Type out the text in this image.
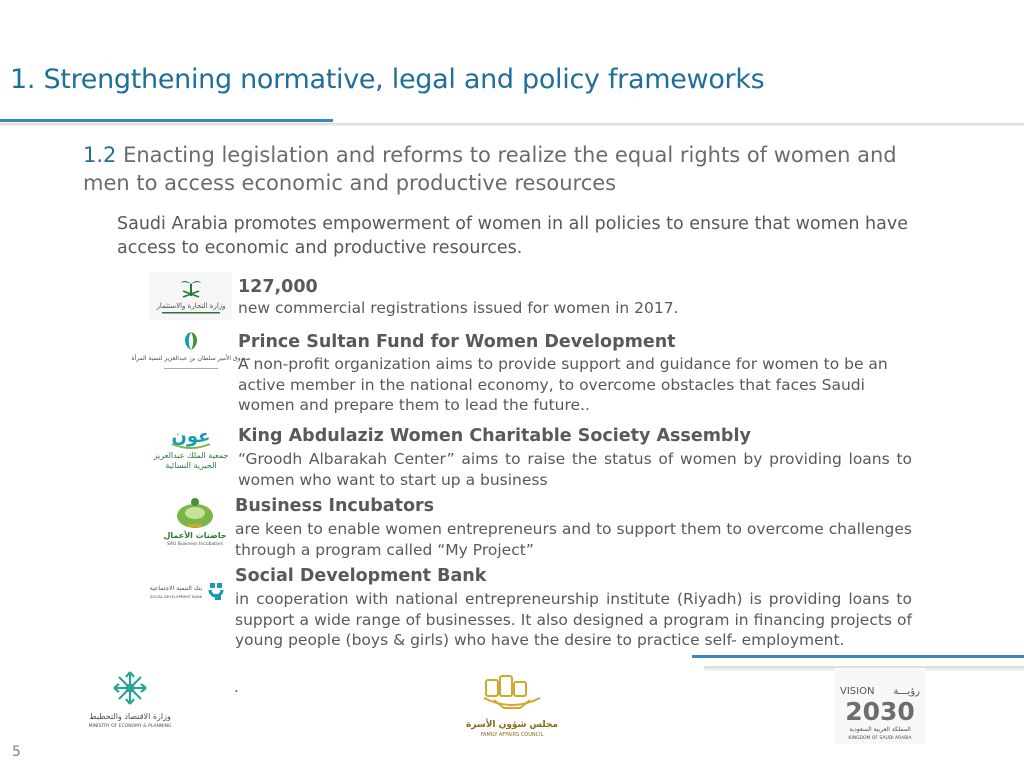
1. Strengthening normative, legal and policy frameworks
1.2 Enacting legislation and reforms to realize the equal rights of women and men to access economic and productive resources
Saudi Arabia promotes empowerment of women in all policies to ensure that women have access to economic and productive resources.
وزارة التجارة والاستثمار
127,000
new commercial registrations issued for women in 2017.
صندوق الأمير سلطان بن عبدالعزيز لتنمية المرأة
Prince Sultan Fund for Women Development
A non-profit organization aims to provide support and guidance for women to be an active member in the national economy, to overcome obstacles that faces Saudi women and prepare them to lead the future..
عون
جمعية الملك عبدالعزيز
الخيرية النسائية
King Abdulaziz Women Charitable Society Assembly
“Groodh Albarakah Center” aims to raise the status of women by providing loans to women who want to start up a business
حاضنات الأعمال
SAU Business Incubators
Business Incubators
are keen to enable women entrepreneurs and to support them to overcome challenges through a program called “My Project”
بنك التنمية الاجتماعية
SOCIAL DEVELOPMENT BANK
Social Development Bank
in cooperation with national entrepreneurship institute (Riyadh) is providing loans to support a wide range of businesses. It also designed a program in financing projects of young people (boys & girls) who have the desire to practice self- employment.
.
وزارة الاقتصاد والتخطيط
MINISTRY OF ECONOMY & PLANNING	مجلس شؤون الأسرة
FAMILY AFFAIRS COUNCIL
VISION رؤيـــة
2030
المملكة العربية السعودية
KINGDOM OF SAUDI ARABIA
5
